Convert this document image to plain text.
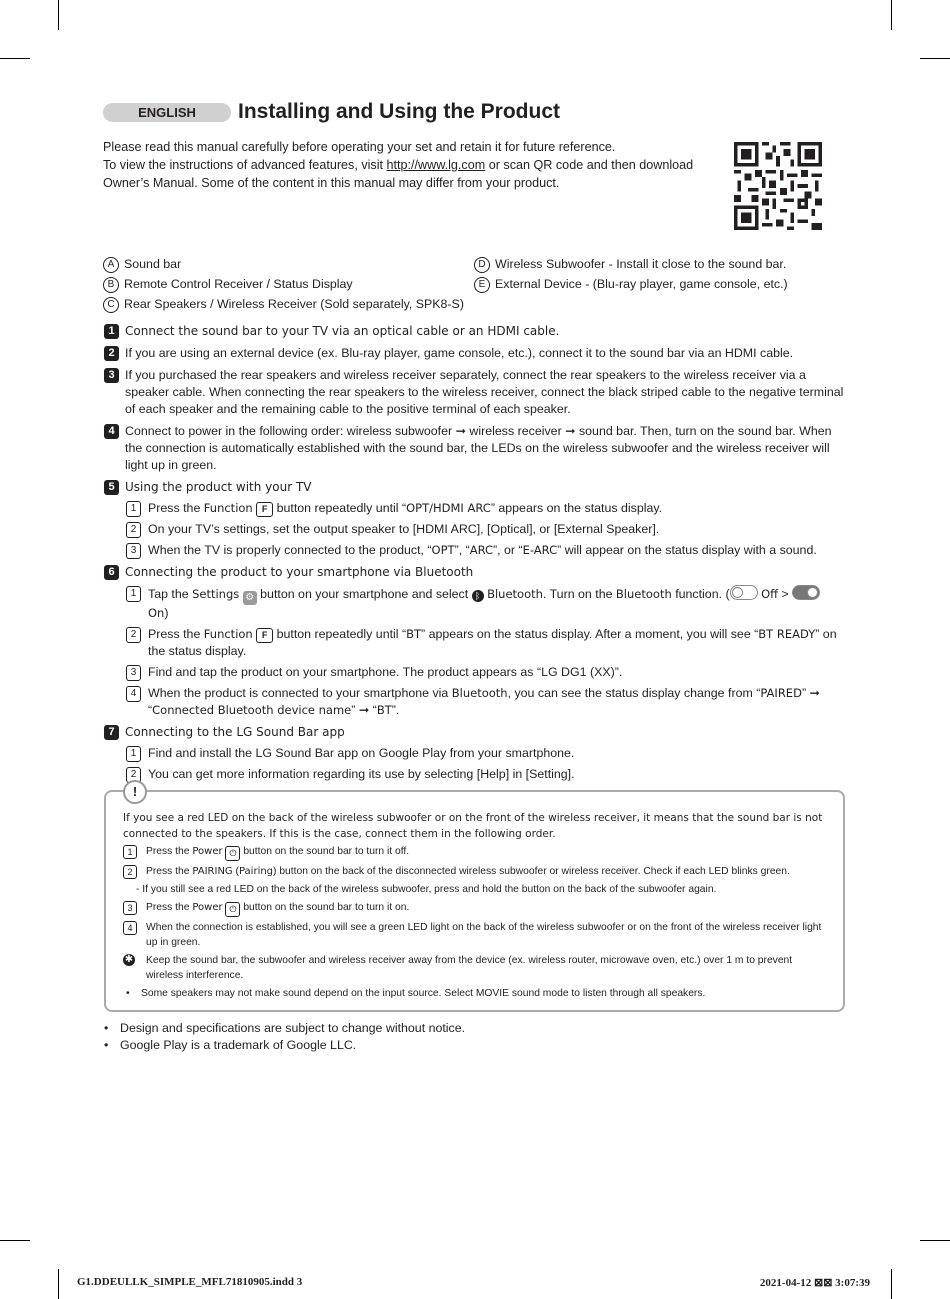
ENGLISH	Installing and Using the Product
Please read this manual carefully before operating your set and retain it for future reference.
To view the instructions of advanced features, visit http://www.lg.com or scan QR code and then download
Owner’s Manual. Some of the content in this manual may differ from your product.
A Sound bar
B Remote Control Receiver / Status Display
C Rear Speakers / Wireless Receiver (Sold separately, SPK8-S)
D Wireless Subwoofer - Install it close to the sound bar.
E External Device - (Blu-ray player, game console, etc.)
1 Connect the sound bar to your TV via an optical cable or an HDMI cable.
2 If you are using an external device (ex. Blu-ray player, game console, etc.), connect it to the sound bar via an HDMI cable.
3 If you purchased the rear speakers and wireless receiver separately, connect the rear speakers to the wireless receiver via a speaker cable. When connecting the rear speakers to the wireless receiver, connect the black striped cable to the negative terminal of each speaker and the remaining cable to the positive terminal of each speaker.
4 Connect to power in the following order: wireless subwoofer ➞ wireless receiver ➞ sound bar. Then, turn on the sound bar. When the connection is automatically established with the sound bar, the LEDs on the wireless subwoofer and the wireless receiver will light up in green.
5 Using the product with your TV
1 Press the Function F button repeatedly until “OPT/HDMI ARC” appears on the status display.
2 On your TV’s settings, set the output speaker to [HDMI ARC], [Optical], or [External Speaker].
3 When the TV is properly connected to the product, “OPT”, “ARC”, or “E-ARC” will appear on the status display with a sound.
6 Connecting the product to your smartphone via Bluetooth
1 Tap the Settings ⚙ button on your smartphone and select ᛒ Bluetooth. Turn on the Bluetooth function. (	Off >
On)
2 Press the Function F button repeatedly until “BT” appears on the status display. After a moment, you will see “BT READY” on the status display.
3 Find and tap the product on your smartphone. The product appears as “LG DG1 (XX)”.
4 When the product is connected to your smartphone via Bluetooth, you can see the status display change from “PAIRED” ➞
“Connected Bluetooth device name” ➞ “BT”.
7 Connecting to the LG Sound Bar app
1 Find and install the LG Sound Bar app on Google Play from your smartphone.
2 You can get more information regarding its use by selecting [Help] in [Setting].
!
If you see a red LED on the back of the wireless subwoofer or on the front of the wireless receiver, it means that the sound bar is not connected to the speakers. If this is the case, connect them in the following order.
1	Press the Power ⏻ button on the sound bar to turn it off.
2	Press the PAIRING (Pairing) button on the back of the disconnected wireless subwoofer or wireless receiver. Check if each LED blinks green.
- If you still see a red LED on the back of the wireless subwoofer, press and hold the button on the back of the subwoofer again.
3	Press the Power ⏻ button on the sound bar to turn it on.
4	When the connection is established, you will see a green LED light on the back of the wireless subwoofer or on the front of the wireless receiver light up in green.
✱ Keep the sound bar, the subwoofer and wireless receiver away from the device (ex. wireless router, microwave oven, etc.) over 1 m to prevent wireless interference.
• Some speakers may not make sound depend on the input source. Select MOVIE sound mode to listen through all speakers.
• Design and specifications are subject to change without notice.
• Google Play is a trademark of Google LLC.
G1.DDEULLK_SIMPLE_MFL71810905.indd 3	2021-04-12 ⊠⊠ 3:07:39
